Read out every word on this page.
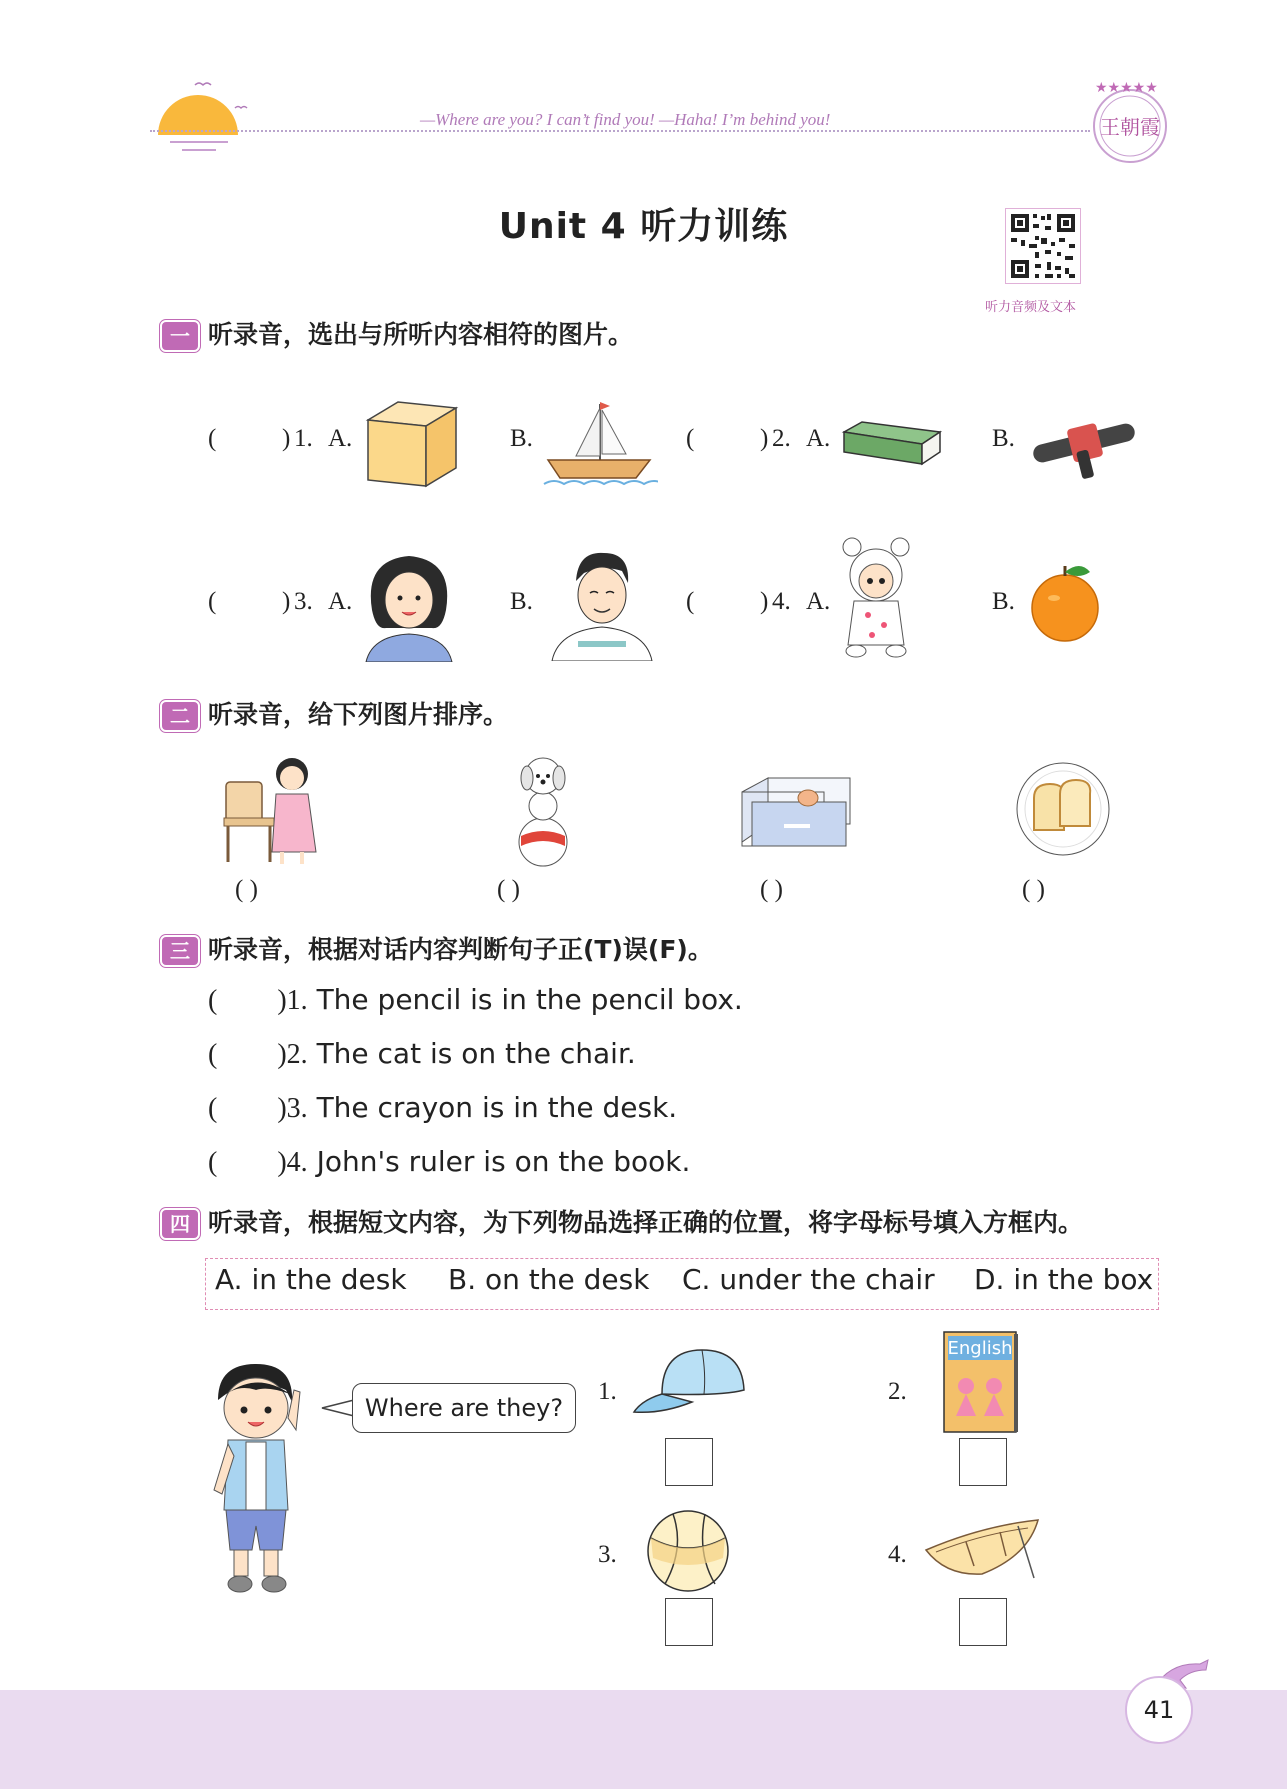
—Where are you? I can’t find you! —Haha! I’m behind you!
★★★★★
王朝霞
Unit 4 听力训练
听力音频及文本
一 听录音，选出与所听内容相符的图片。
(	) 1. A.	B.	(	) 2. A.	B.
(	) 3. A.	B.	(	) 4. A.	B.
二 听录音，给下列图片排序。
( )	( )	( )	( )
三 听录音，根据对话内容判断句子正(T)误(F)。
( )1. The pencil is in the pencil box.
( )2. The cat is on the chair.
( )3. The crayon is in the desk.
( )4. John's ruler is on the book.
四 听录音，根据短文内容，为下列物品选择正确的位置，将字母标号填入方框内。
A. in the desk B. on the desk C. under the chair D. in the box
Where are they?
1.	2.
English
3.	4.
41
